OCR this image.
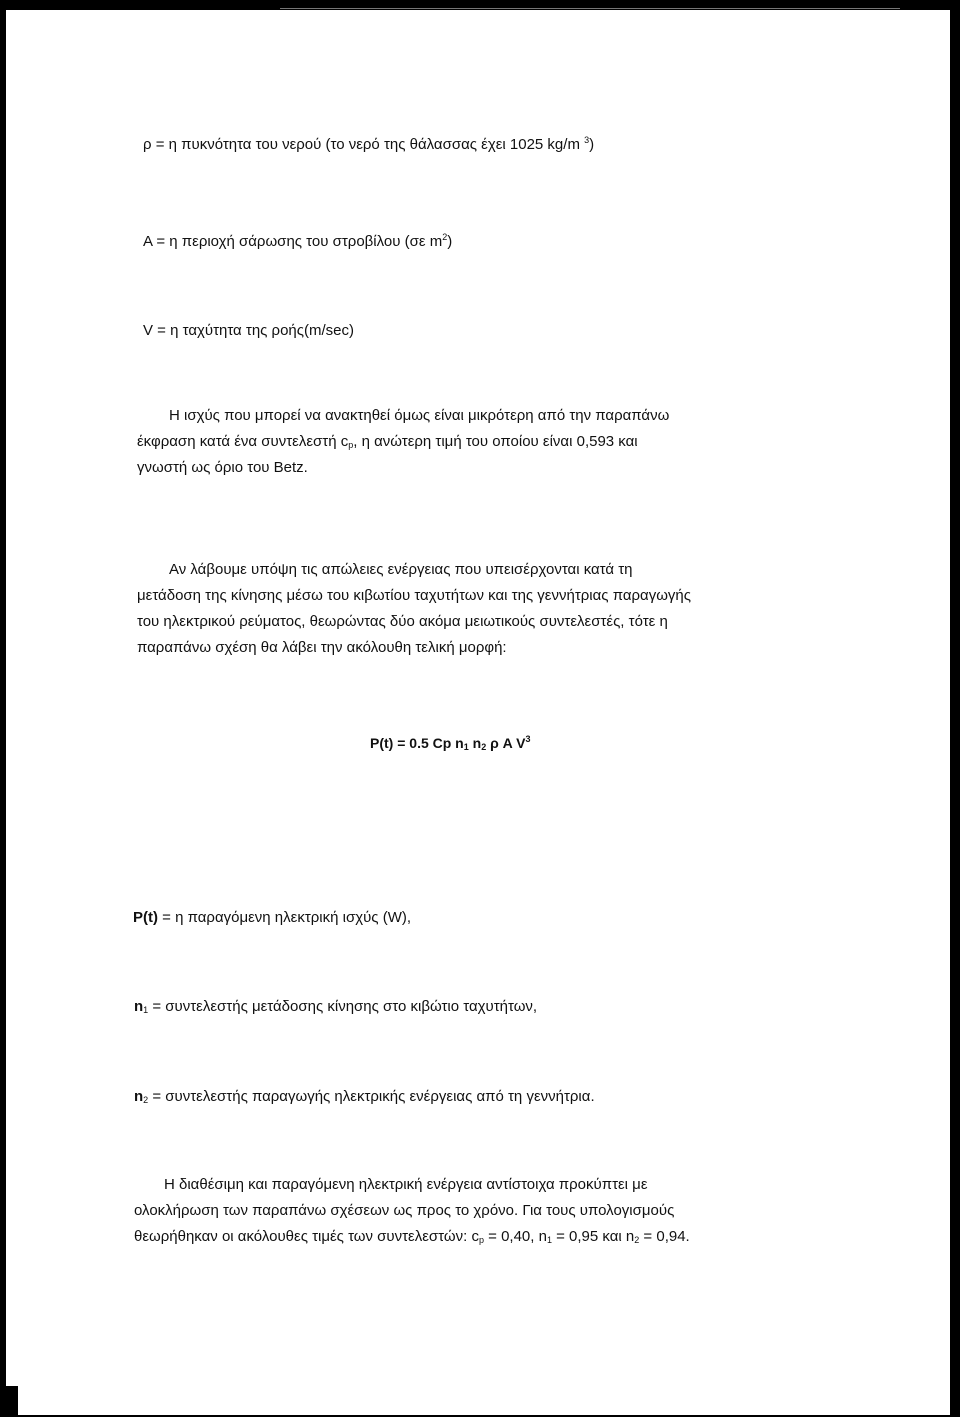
ρ = η πυκνότητα του νερού (το νερό της θάλασσας έχει 1025 kg/m $^3$)
A = η περιοχή σάρωσης του στροβίλου (σε $m^2$)
V = η ταχύτητα της ροής(m/sec)
Η ισχύς που μπορεί να ανακτηθεί όμως είναι μικρότερη από την παραπάνω
έκφραση κατά ένα συντελεστή $c_p$, η ανώτερη τιμή του οποίου είναι 0,593 και
γνωστή ως όριο του Betz.
Αν λάβουμε υπόψη τις απώλειες ενέργειας που υπεισέρχονται κατά τη
μετάδοση της κίνησης μέσω του κιβωτίου ταχυτήτων και της γεννήτριας παραγωγής
του ηλεκτρικού ρεύματος, θεωρώντας δύο ακόμα μειωτικούς συντελεστές, τότε η
παραπάνω σχέση θα λάβει την ακόλουθη τελική μορφή:
P(t) = 0.5 Cp $n_1$ $n_2$ ρ A $V^3$
P(t) = η παραγόμενη ηλεκτρική ισχύς (W),
$n_1 = \sigma\upsilon\nu\tau\varepsilon\lambda\varepsilon\sigma\tau ή\varsigma$ μετάδοσης κίνησης στο κιβώτιο ταχυτήτων,
$n_2 = \sigma\upsilon\nu\tau\varepsilon\lambda\varepsilon\sigma\tau ή\varsigma$ παραγωγής ηλεκτρικής ενέργειας από τη γεννήτρια.
Η διαθέσιμη και παραγόμενη ηλεκτρική ενέργεια αντίστοιχα προκύπτει με
ολοκλήρωση των παραπάνω σχέσεων ως προς το χρόνο. Για τους υπολογισμούς
θεωρήθηκαν οι ακόλουθες τιμές των συντελεστών: $c_p = 0,40$, $n_1 = 0,95$ και $n_2 = 0,94$.
